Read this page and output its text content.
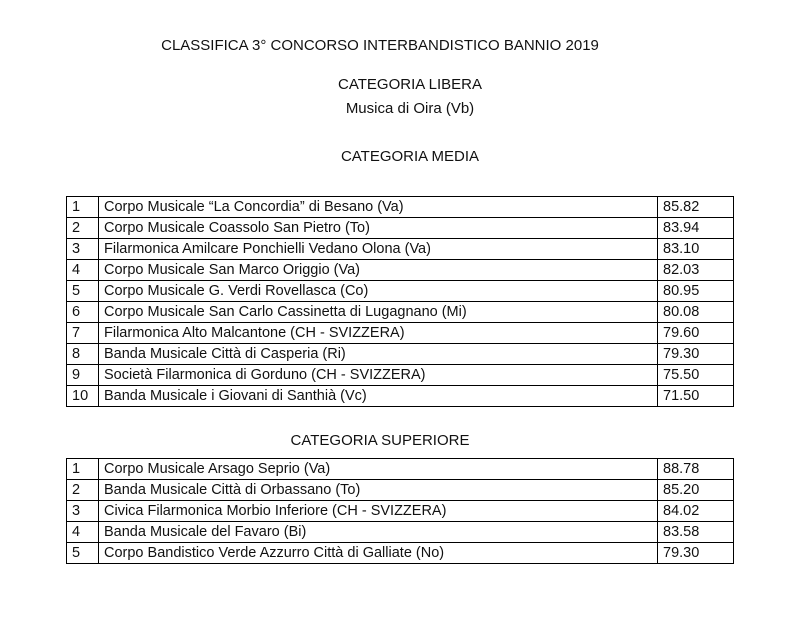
CLASSIFICA 3° CONCORSO INTERBANDISTICO BANNIO 2019
CATEGORIA LIBERA
Musica di Oira (Vb)
CATEGORIA MEDIA
1	Corpo Musicale “La Concordia” di Besano (Va)	85.82
2	Corpo Musicale Coassolo San Pietro (To)	83.94
3	Filarmonica Amilcare Ponchielli Vedano Olona (Va)	83.10
4	Corpo Musicale San Marco Origgio (Va)	82.03
5	Corpo Musicale G. Verdi Rovellasca (Co)	80.95
6	Corpo Musicale San Carlo Cassinetta di Lugagnano (Mi)	80.08
7	Filarmonica Alto Malcantone (CH - SVIZZERA)	79.60
8	Banda Musicale Città di Casperia (Ri)	79.30
9	Società Filarmonica di Gorduno (CH - SVIZZERA)	75.50
10	Banda Musicale i Giovani di Santhià (Vc)	71.50
CATEGORIA SUPERIORE
1	Corpo Musicale Arsago Seprio (Va)	88.78
2	Banda Musicale Città di Orbassano (To)	85.20
3	Civica Filarmonica Morbio Inferiore (CH - SVIZZERA)	84.02
4	Banda Musicale del Favaro (Bi)	83.58
5	Corpo Bandistico Verde Azzurro Città di Galliate (No)	79.30
